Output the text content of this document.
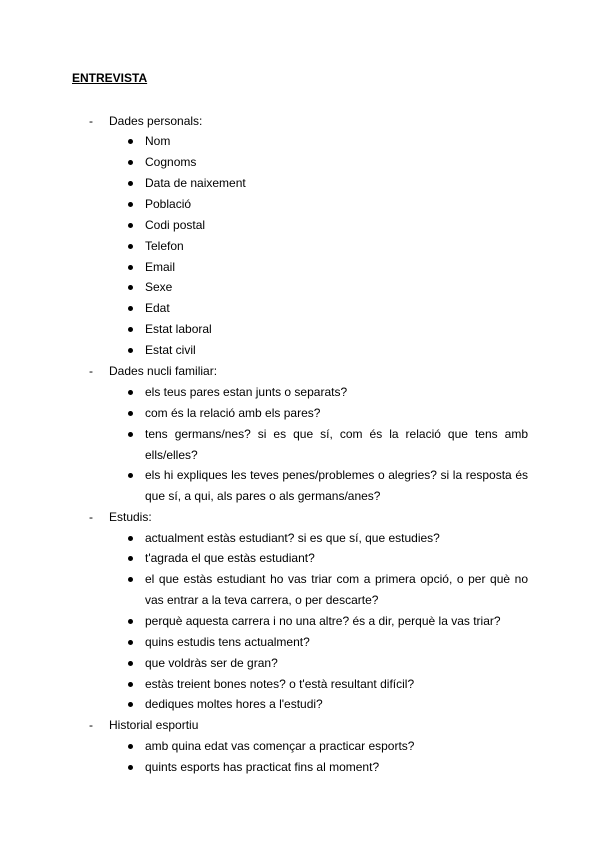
ENTREVISTA
- Dades personals:
Nom
Cognoms
Data de naixement
Població
Codi postal
Telefon
Email
Sexe
Edat
Estat laboral
Estat civil
- Dades nucli familiar:
els teus pares estan junts o separats?
com és la relació amb els pares?
tens germans/nes? si es que sí, com és la relació que tens amb ells/elles?
els hi expliques les teves penes/problemes o alegries? si la resposta és que sí, a qui, als pares o als germans/anes?
- Estudis:
actualment estàs estudiant? si es que sí, que estudies?
t'agrada el que estàs estudiant?
el que estàs estudiant ho vas triar com a primera opció, o per què no vas entrar a la teva carrera, o per descarte?
perquè aquesta carrera i no una altre? és a dir, perquè la vas triar?
quins estudis tens actualment?
que voldràs ser de gran?
estàs treient bones notes? o t'està resultant difícil?
dediques moltes hores a l'estudi?
- Historial esportiu
amb quina edat vas començar a practicar esports?
quints esports has practicat fins al moment?
